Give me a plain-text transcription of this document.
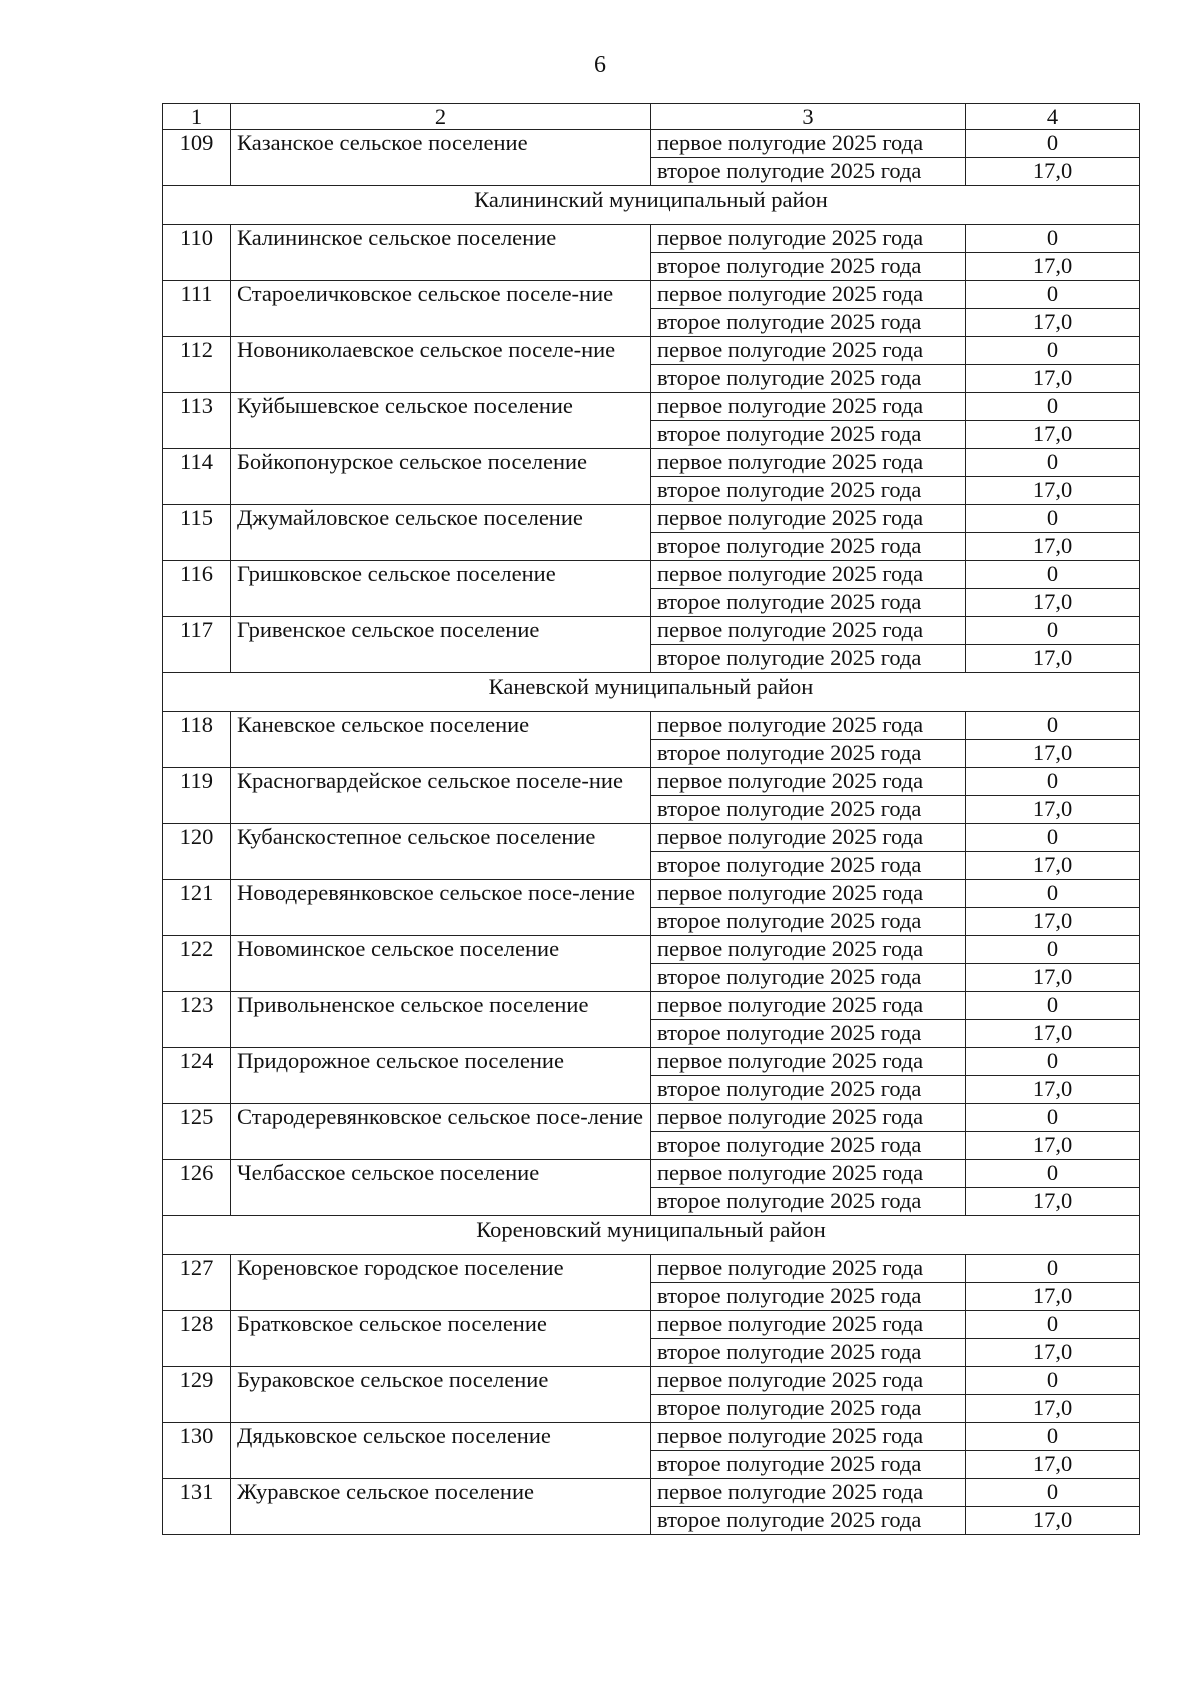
6
1	2	3	4
109	Казанское сельское поселение	первое полугодие 2025 года	0
		второе полугодие 2025 года	17,0
Калининский муниципальный район			
110	Калининское сельское поселение	первое полугодие 2025 года	0
		второе полугодие 2025 года	17,0
111	Староеличковское сельское поселе-ние	первое полугодие 2025 года	0
		второе полугодие 2025 года	17,0
112	Новониколаевское сельское поселе-ние	первое полугодие 2025 года	0
		второе полугодие 2025 года	17,0
113	Куйбышевское сельское поселение	первое полугодие 2025 года	0
		второе полугодие 2025 года	17,0
114	Бойкопонурское сельское поселение	первое полугодие 2025 года	0
		второе полугодие 2025 года	17,0
115	Джумайловское сельское поселение	первое полугодие 2025 года	0
		второе полугодие 2025 года	17,0
116	Гришковское сельское поселение	первое полугодие 2025 года	0
		второе полугодие 2025 года	17,0
117	Гривенское сельское поселение	первое полугодие 2025 года	0
		второе полугодие 2025 года	17,0
Каневской муниципальный район			
118	Каневское сельское поселение	первое полугодие 2025 года	0
		второе полугодие 2025 года	17,0
119	Красногвардейское сельское поселе-ние	первое полугодие 2025 года	0
		второе полугодие 2025 года	17,0
120	Кубанскостепное сельское поселение	первое полугодие 2025 года	0
		второе полугодие 2025 года	17,0
121	Новодеревянковское сельское посе-ление	первое полугодие 2025 года	0
		второе полугодие 2025 года	17,0
122	Новоминское сельское поселение	первое полугодие 2025 года	0
		второе полугодие 2025 года	17,0
123	Привольненское сельское поселение	первое полугодие 2025 года	0
		второе полугодие 2025 года	17,0
124	Придорожное сельское поселение	первое полугодие 2025 года	0
		второе полугодие 2025 года	17,0
125	Стародеревянковское сельское посе-ление	первое полугодие 2025 года	0
		второе полугодие 2025 года	17,0
126	Челбасское сельское поселение	первое полугодие 2025 года	0
		второе полугодие 2025 года	17,0
Кореновский муниципальный район			
127	Кореновское городское поселение	первое полугодие 2025 года	0
		второе полугодие 2025 года	17,0
128	Братковское сельское поселение	первое полугодие 2025 года	0
		второе полугодие 2025 года	17,0
129	Бураковское сельское поселение	первое полугодие 2025 года	0
		второе полугодие 2025 года	17,0
130	Дядьковское сельское поселение	первое полугодие 2025 года	0
		второе полугодие 2025 года	17,0
131	Журавское сельское поселение	первое полугодие 2025 года	0
		второе полугодие 2025 года	17,0
